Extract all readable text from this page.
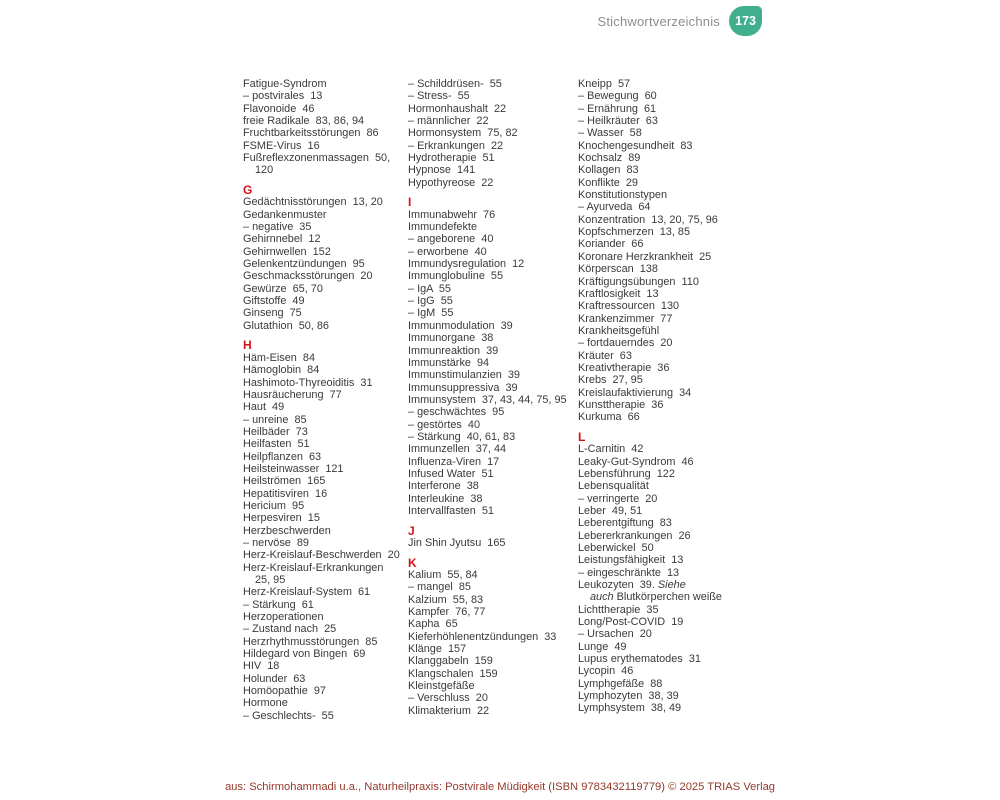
Stichwortverzeichnis	173
Fatigue-Syndrom
– postvirales  13
Flavonoide  46
freie Radikale  83, 86, 94
Fruchtbarkeitsstörungen  86
FSME-Virus  16
Fußreflexzonenmassagen  50,
120
G
Gedächtnisstörungen  13, 20
Gedankenmuster
– negative  35
Gehirnnebel  12
Gehirnwellen  152
Gelenkentzündungen  95
Geschmacksstörungen  20
Gewürze  65, 70
Giftstoffe  49
Ginseng  75
Glutathion  50, 86
H
Häm-Eisen  84
Hämoglobin  84
Hashimoto-Thyreoiditis  31
Hausräucherung  77
Haut  49
– unreine  85
Heilbäder  73
Heilfasten  51
Heilpflanzen  63
Heilsteinwasser  121
Heilströmen  165
Hepatitisviren  16
Hericium  95
Herpesviren  15
Herzbeschwerden
– nervöse  89
Herz-Kreislauf-Beschwerden  20
Herz-Kreislauf-Erkrankungen
25, 95
Herz-Kreislauf-System  61
– Stärkung  61
Herzoperationen
– Zustand nach  25
Herzrhythmusstörungen  85
Hildegard von Bingen  69
HIV  18
Holunder  63
Homöopathie  97
Hormone
– Geschlechts-  55
– Schilddrüsen-  55
– Stress-  55
Hormonhaushalt  22
– männlicher  22
Hormonsystem  75, 82
– Erkrankungen  22
Hydrotherapie  51
Hypnose  141
Hypothyreose  22
I
Immunabwehr  76
Immundefekte
– angeborene  40
– erworbene  40
Immundysregulation  12
Immunglobuline  55
– IgA  55
– IgG  55
– IgM  55
Immunmodulation  39
Immunorgane  38
Immunreaktion  39
Immunstärke  94
Immunstimulanzien  39
Immunsuppressiva  39
Immunsystem  37, 43, 44, 75, 95
– geschwächtes  95
– gestörtes  40
– Stärkung  40, 61, 83
Immunzellen  37, 44
Influenza-Viren  17
Infused Water  51
Interferone  38
Interleukine  38
Intervallfasten  51
J
Jin Shin Jyutsu  165
K
Kalium  55, 84
– mangel  85
Kalzium  55, 83
Kampfer  76, 77
Kapha  65
Kieferhöhlenentzündungen  33
Klänge  157
Klanggabeln  159
Klangschalen  159
Kleinstgefäße
– Verschluss  20
Klimakterium  22
Kneipp  57
– Bewegung  60
– Ernährung  61
– Heilkräuter  63
– Wasser  58
Knochengesundheit  83
Kochsalz  89
Kollagen  83
Konflikte  29
Konstitutionstypen
– Ayurveda  64
Konzentration  13, 20, 75, 96
Kopfschmerzen  13, 85
Koriander  66
Koronare Herzkrankheit  25
Körperscan  138
Kräftigungsübungen  110
Kraftlosigkeit  13
Kraftressourcen  130
Krankenzimmer  77
Krankheitsgefühl
– fortdauerndes  20
Kräuter  63
Kreativtherapie  36
Krebs  27, 95
Kreislaufaktivierung  34
Kunsttherapie  36
Kurkuma  66
L
L-Carnitin  42
Leaky-Gut-Syndrom  46
Lebensführung  122
Lebensqualität
– verringerte  20
Leber  49, 51
Leberentgiftung  83
Lebererkrankungen  26
Leberwickel  50
Leistungsfähigkeit  13
– eingeschränkte  13
Leukozyten  39. Siehe
auch Blutkörperchen weiße
Lichttherapie  35
Long/Post-COVID  19
– Ursachen  20
Lunge  49
Lupus erythematodes  31
Lycopin  46
Lymphgefäße  88
Lymphozyten  38, 39
Lymphsystem  38, 49
aus: Schirmohammadi u.a., Naturheilpraxis: Postvirale Müdigkeit (ISBN 9783432119779) © 2025 TRIAS Verlag
